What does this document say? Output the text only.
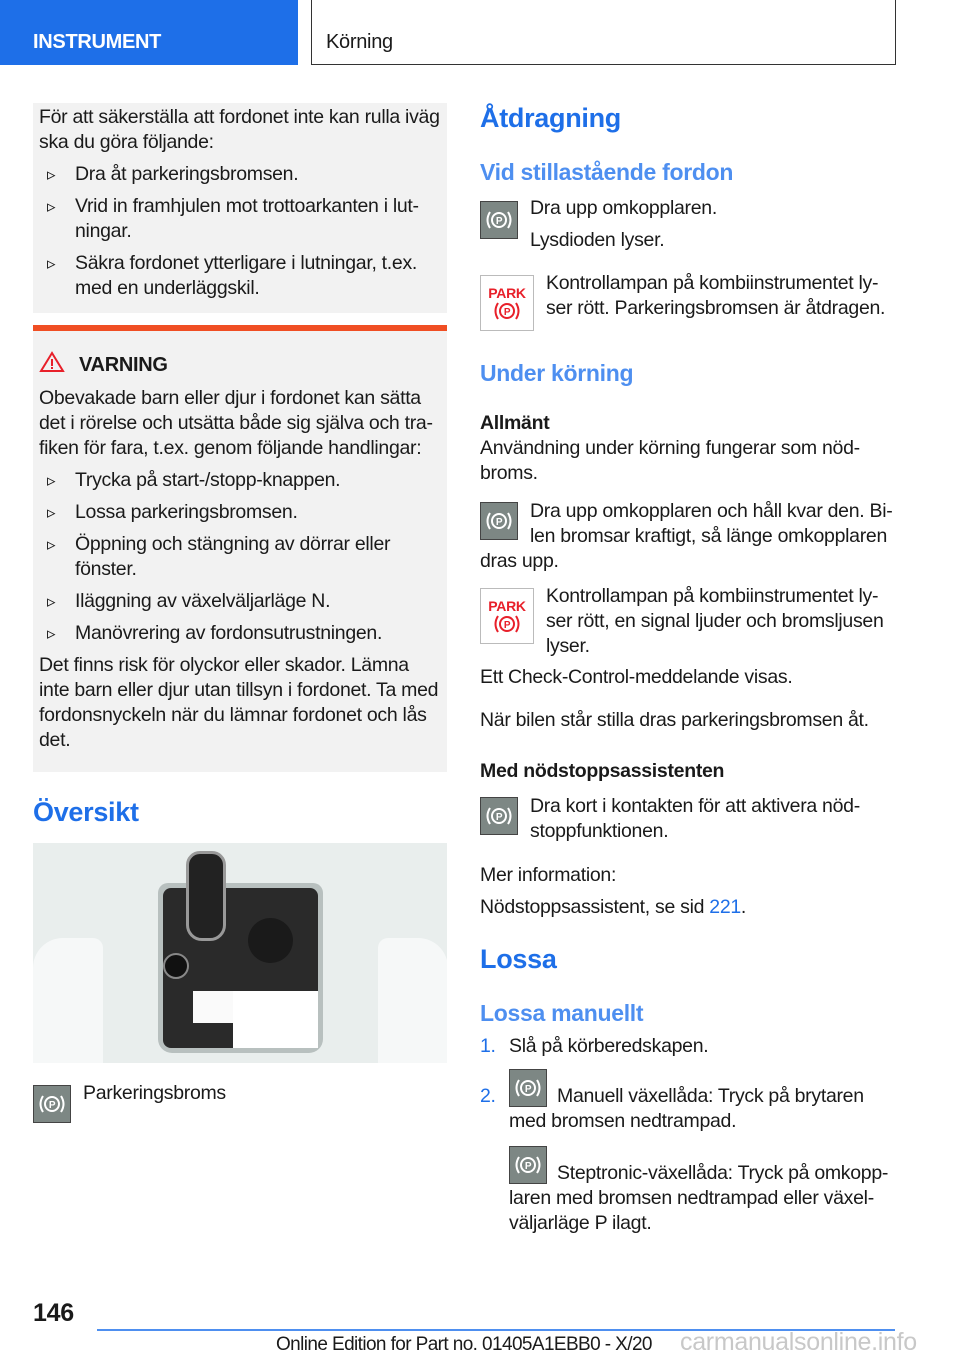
INSTRUMENT	Körning
För att säkerställa att fordonet inte kan rulla iväg ska du göra följande:
▹ Dra åt parkeringsbromsen.
▹ Vrid in framhjulen mot trottoarkanten i lutningar.
▹ Säkra fordonet ytterligare i lutningar, t.ex. med en underläggskil.
VARNING
Obevakade barn eller djur i fordonet kan sätta det i rörelse och utsätta både sig själva och trafiken för fara, t.ex. genom följande handlingar:
▹ Trycka på start-/stopp-knappen.
▹ Lossa parkeringsbromsen.
▹ Öppning och stängning av dörrar eller fönster.
▹ Iläggning av växelväljarläge N.
▹ Manövrering av fordonsutrustningen.
Det finns risk för olyckor eller skador. Lämna inte barn eller djur utan tillsyn i fordonet. Ta med fordonsnyckeln när du lämnar fordonet och lås det.
Översikt
P
Parkeringsbroms
Åtdragning
Vid stillastående fordon
P
Dra upp omkopplaren.
Lysdioden lyser.
PARK
P
Kontrollampan på kombiinstrumentet lyser rött. Parkeringsbromsen är åtdragen.
Under körning
Allmänt
Användning under körning fungerar som nödbroms.
P
Dra upp omkopplaren och håll kvar den. Bilen bromsar kraftigt, så länge omkopplaren dras upp.
PARK
P
Kontrollampan på kombiinstrumentet lyser rött, en signal ljuder och bromsljusen lyser.
Ett Check-Control-meddelande visas.
När bilen står stilla dras parkeringsbromsen åt.
Med nödstoppsassistenten
P
Dra kort i kontakten för att aktivera nödstoppfunktionen.
Mer information:
Nödstoppsassistent, se sid 221.
Lossa
Lossa manuellt
1. Slå på körberedskapen.
2.	P	Manuell växellåda: Tryck på brytaren med bromsen nedtrampad.
P	Steptronic-växellåda: Tryck på omkopplaren med bromsen nedtrampad eller växelväljarläge P ilagt.
146
Online Edition for Part no. 01405A1EBB0 - X/20 carmanualsonline.info
